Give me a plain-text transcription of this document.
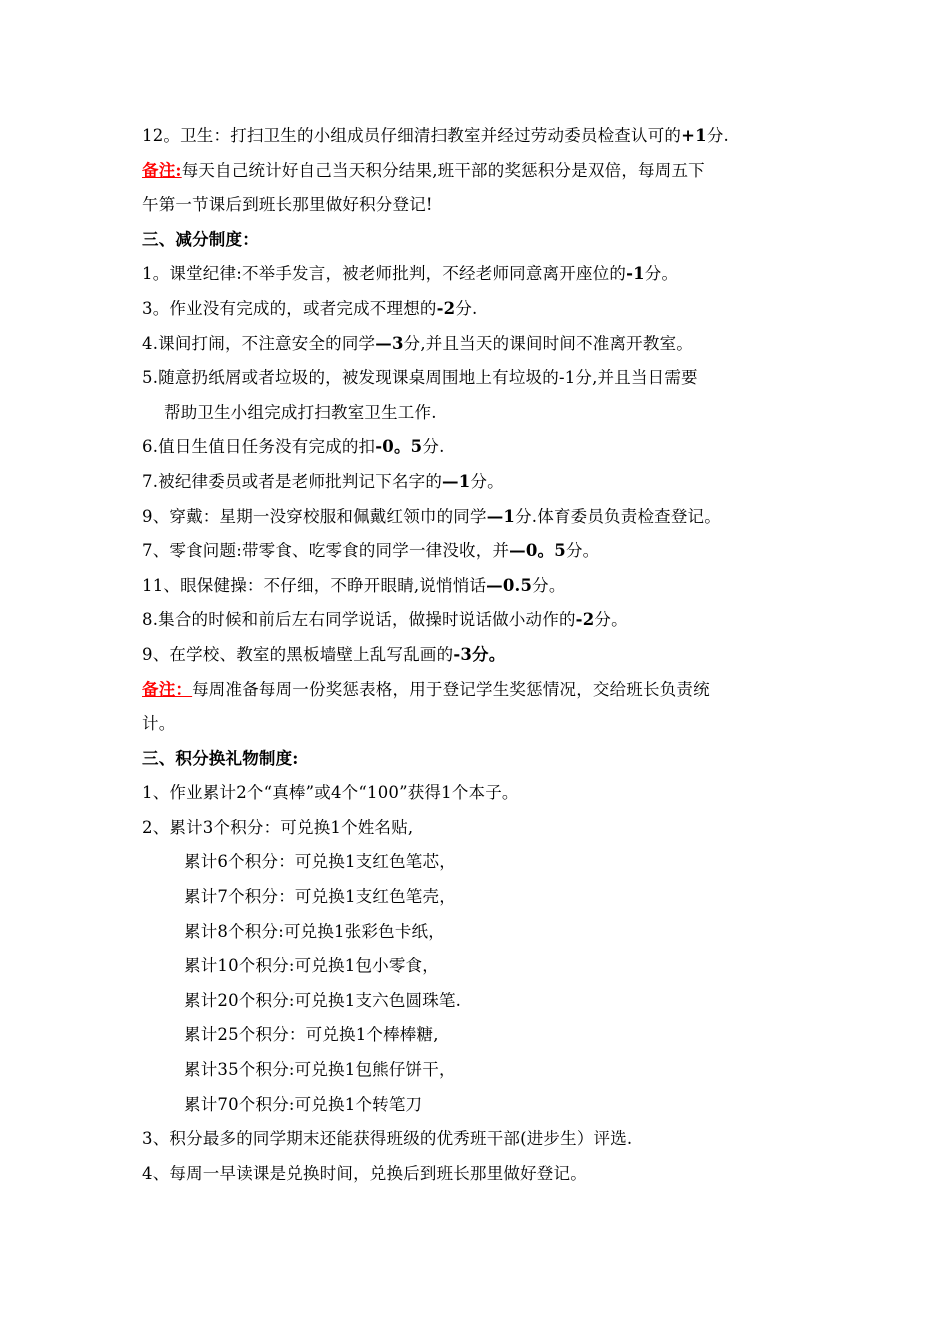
12。卫生：打扫卫生的小组成员仔细清扫教室并经过劳动委员检查认可的+1分.
备注:每天自己统计好自己当天积分结果,班干部的奖惩积分是双倍，每周五下
午第一节课后到班长那里做好积分登记!
三、减分制度：
1。课堂纪律:不举手发言，被老师批判，不经老师同意离开座位的-1分。
3。作业没有完成的，或者完成不理想的-2分.
4.课间打闹，不注意安全的同学—3分,并且当天的课间时间不准离开教室。
5.随意扔纸屑或者垃圾的，被发现课桌周围地上有垃圾的-1分,并且当日需要
帮助卫生小组完成打扫教室卫生工作.
6.值日生值日任务没有完成的扣-0。5分.
7.被纪律委员或者是老师批判记下名字的—1分。
9、穿戴：星期一没穿校服和佩戴红领巾的同学—1分.体育委员负责检查登记。
7、零食问题:带零食、吃零食的同学一律没收，并—0。5分。
11、眼保健操：不仔细，不睁开眼睛,说悄悄话—0.5分。
8.集合的时候和前后左右同学说话，做操时说话做小动作的-2分。
9、在学校、教室的黑板墙壁上乱写乱画的-3分。
备注：每周准备每周一份奖惩表格，用于登记学生奖惩情况，交给班长负责统
计。
三、积分换礼物制度:
1、作业累计2个“真棒”或4个“100”获得1个本子。
2、累计3个积分：可兑换1个姓名贴,
累计6个积分：可兑换1支红色笔芯，
累计7个积分：可兑换1支红色笔壳，
累计8个积分:可兑换1张彩色卡纸，
累计10个积分:可兑换1包小零食，
累计20个积分:可兑换1支六色圆珠笔.
累计25个积分：可兑换1个棒棒糖,
累计35个积分:可兑换1包熊仔饼干，
累计70个积分:可兑换1个转笔刀
3、积分最多的同学期末还能获得班级的优秀班干部(进步生）评选.
4、每周一早读课是兑换时间，兑换后到班长那里做好登记。
